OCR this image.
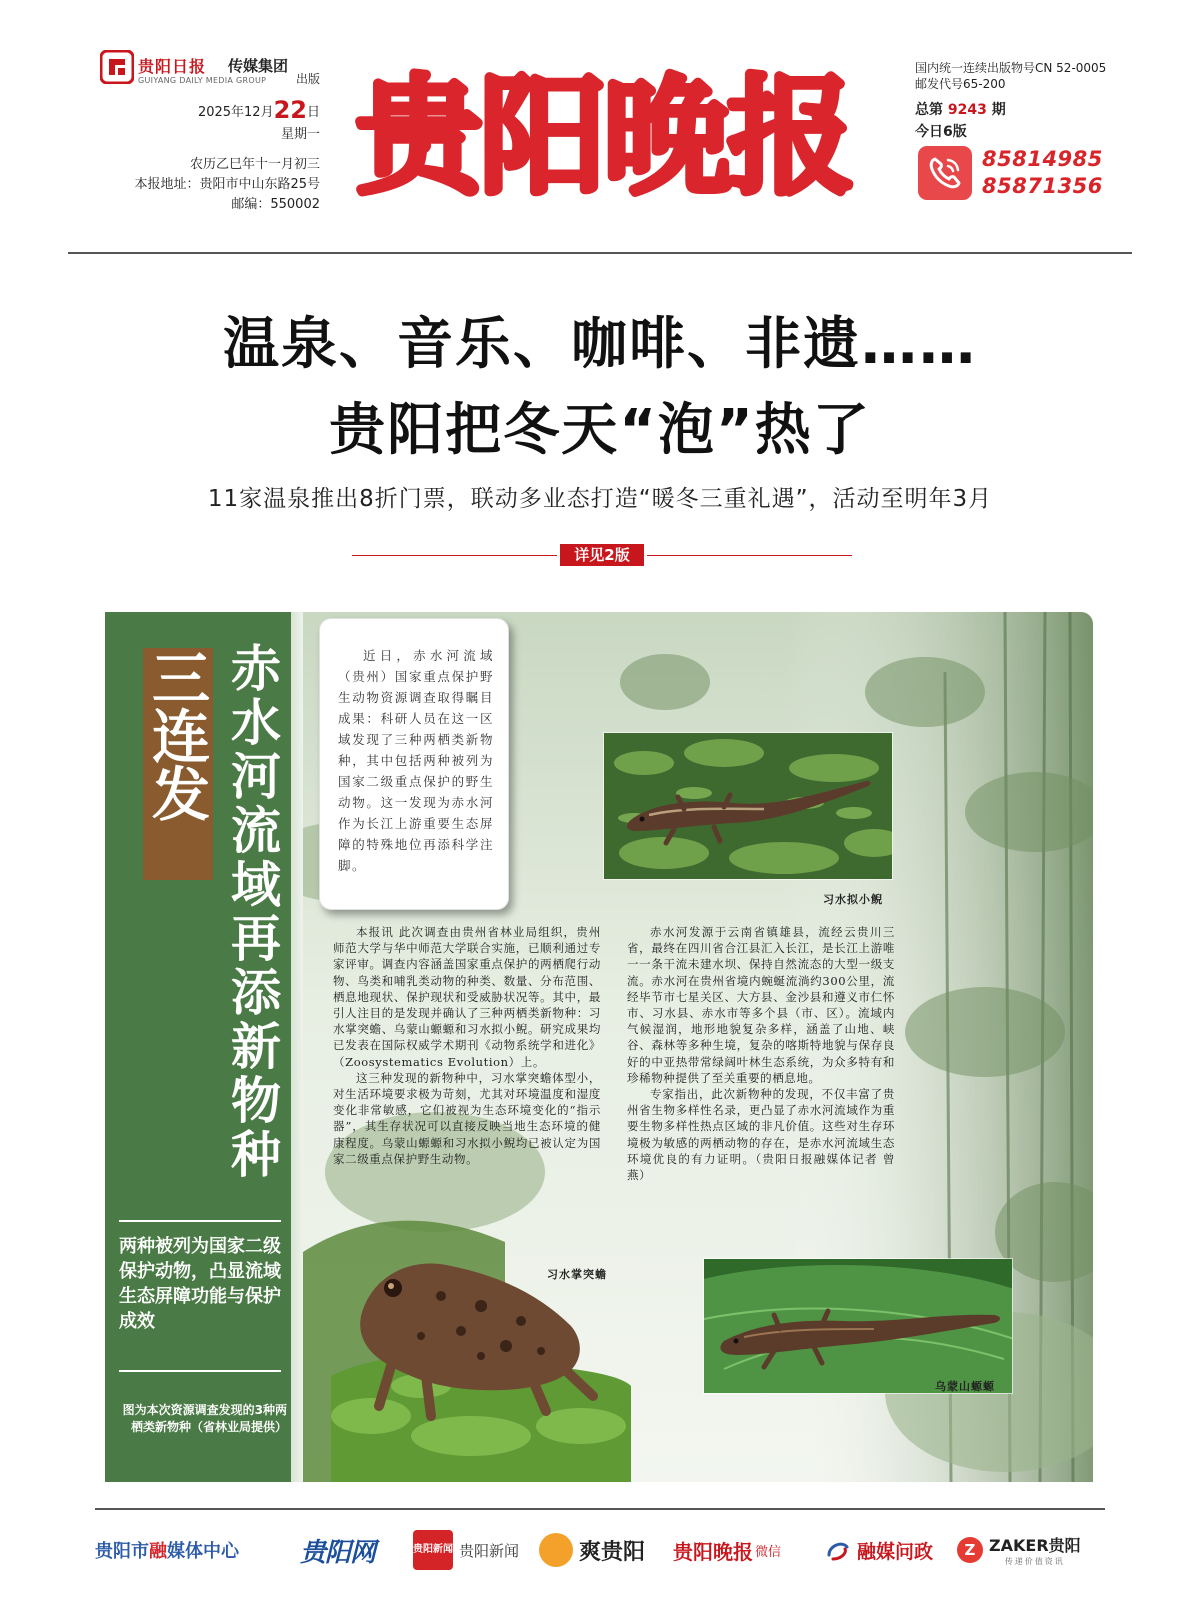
贵阳日报 传媒集团
GUIYANG DAILY MEDIA GROUP 出版
2025年12月22日
星期一
农历乙巳年十一月初三
本报地址：贵阳市中山东路25号
邮编：550002 贵阳晚报	国内统一连续出版物号CN 52-0005
邮发代号65-200
总第 9243 期
今日6版
85814985
85871356
温泉、音乐、咖啡、非遗……
贵阳把冬天“泡”热了
11家温泉推出8折门票，联动多业态打造“暖冬三重礼遇”，活动至明年3月
详见2版
三连发 赤水河流域再添新物种
两种被列为国家二级保护动物，凸显流域生态屏障功能与保护成效
图为本次资源调查发现的3种两栖类新物种（省林业局提供）

近日，赤水河流域（贵州）国家重点保护野生动物资源调查取得瞩目成果：科研人员在这一区域发现了三种两栖类新物种，其中包括两种被列为国家二级重点保护的野生动物。这一发现为赤水河作为长江上游重要生态屏障的特殊地位再添科学注脚。

习水拟小鲵
习水掌突蟾
乌蒙山螈螈

本报讯 此次调查由贵州省林业局组织，贵州师范大学与华中师范大学联合实施，已顺利通过专家评审。调查内容涵盖国家重点保护的两栖爬行动物、鸟类和哺乳类动物的种类、数量、分布范围、栖息地现状、保护现状和受威胁状况等。其中，最引人注目的是发现并确认了三种两栖类新物种：习水掌突蟾、乌蒙山螈螈和习水拟小鲵。研究成果均已发表在国际权威学术期刊《动物系统学和进化》（Zoosystematics Evolution）上。

这三种发现的新物种中，习水掌突蟾体型小，对生活环境要求极为苛刻，尤其对环境温度和湿度变化非常敏感，它们被视为生态环境变化的“指示器”，其生存状况可以直接反映当地生态环境的健康程度。乌蒙山螈螈和习水拟小鲵均已被认定为国家二级重点保护野生动物。

赤水河发源于云南省镇雄县，流经云贵川三省，最终在四川省合江县汇入长江，是长江上游唯一一条干流未建水坝、保持自然流态的大型一级支流。赤水河在贵州省境内蜿蜒流淌约300公里，流经毕节市七星关区、大方县、金沙县和遵义市仁怀市、习水县、赤水市等多个县（市、区）。流域内气候湿润，地形地貌复杂多样，涵盖了山地、峡谷、森林等多种生境，复杂的喀斯特地貌与保存良好的中亚热带常绿阔叶林生态系统，为众多特有和珍稀物种提供了至关重要的栖息地。

专家指出，此次新物种的发现，不仅丰富了贵州省生物多样性名录，更凸显了赤水河流域作为重要生物多样性热点区域的非凡价值。这些对生存环境极为敏感的两栖动物的存在，是赤水河流域生态环境优良的有力证明。（贵阳日报融媒体记者 曾燕）

贵阳市 融 媒体中心 贵阳网	贵阳新闻 贵阳新闻	爽贵阳 贵阳晚报 微信	融媒问政	Z ZAKER贵阳
传递价值资讯
